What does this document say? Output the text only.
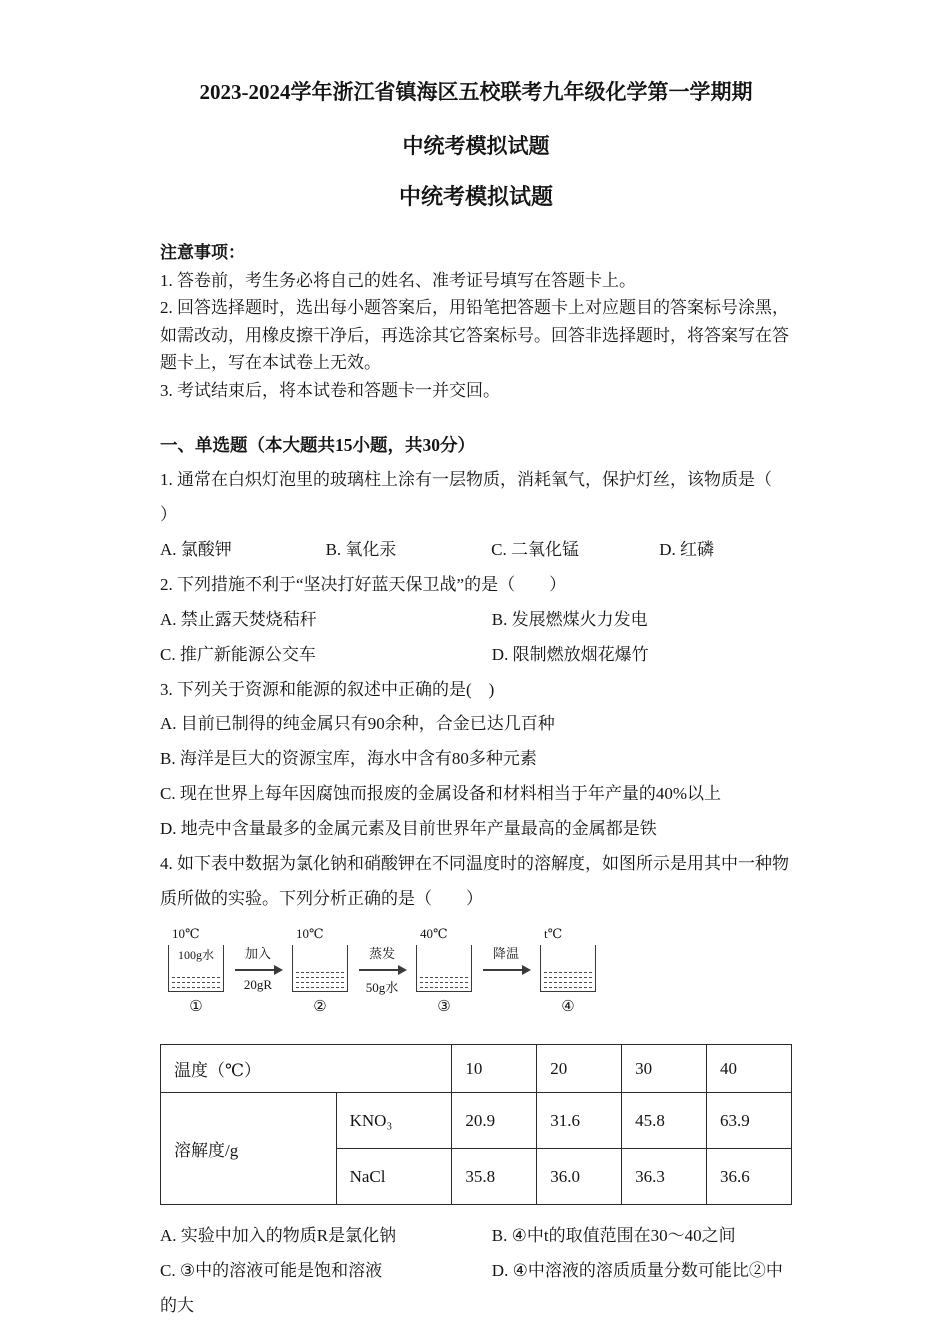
2023-2024学年浙江省镇海区五校联考九年级化学第一学期期
中统考模拟试题
中统考模拟试题
注意事项：
1. 答卷前，考生务必将自己的姓名、准考证号填写在答题卡上。
2. 回答选择题时，选出每小题答案后，用铅笔把答题卡上对应题目的答案标号涂黑，如需改动，用橡皮擦干净后，再选涂其它答案标号。回答非选择题时，将答案写在答题卡上，写在本试卷上无效。
3. 考试结束后，将本试卷和答题卡一并交回。
一、单选题（本大题共15小题，共30分）
1. 通常在白炽灯泡里的玻璃柱上涂有一层物质，消耗氧气，保护灯丝，该物质是（
）
A. 氯酸钾	B. 氧化汞	C. 二氧化锰	D. 红磷
2. 下列措施不利于“坚决打好蓝天保卫战”的是（　　）
A. 禁止露天焚烧秸秆	B. 发展燃煤火力发电
C. 推广新能源公交车	D. 限制燃放烟花爆竹
3. 下列关于资源和能源的叙述中正确的是(　)
A. 目前已制得的纯金属只有90余种，合金已达几百种
B. 海洋是巨大的资源宝库，海水中含有80多种元素
C. 现在世界上每年因腐蚀而报废的金属设备和材料相当于年产量的40%以上
D. 地壳中含量最多的金属元素及目前世界年产量最高的金属都是铁
4. 如下表中数据为氯化钠和硝酸钾在不同温度时的溶解度，如图所示是用其中一种物质所做的实验。下列分析正确的是（　　）
10℃
100g水
①
加入
20gR
10℃
②
蒸发
50g水
40℃
③
降温
t℃
④
温度（℃）		10	20	30	40
溶解度/g	KNO₃	20.9	31.6	45.8	63.9
	NaCl	35.8	36.0	36.3	36.6
A. 实验中加入的物质R是氯化钠	B. ④中t的取值范围在30～40之间
C. ③中的溶液可能是饱和溶液	D. ④中溶液的溶质质量分数可能比②中
的大
